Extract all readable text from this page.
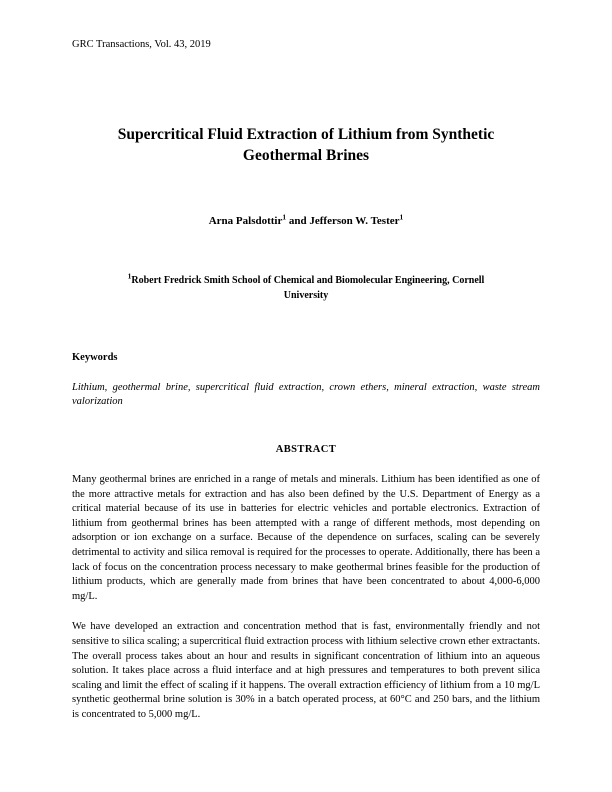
GRC Transactions, Vol. 43, 2019
Supercritical Fluid Extraction of Lithium from Synthetic
Geothermal Brines
Arna Palsdottir$^1$ and Jefferson W. Tester$^1$
$^1$Robert Fredrick Smith School of Chemical and Biomolecular Engineering, Cornell
University
Keywords
Lithium, geothermal brine, supercritical fluid extraction, crown ethers, mineral extraction, waste stream valorization
ABSTRACT
Many geothermal brines are enriched in a range of metals and minerals. Lithium has been identified as one of the more attractive metals for extraction and has also been defined by the U.S. Department of Energy as a critical material because of its use in batteries for electric vehicles and portable electronics. Extraction of lithium from geothermal brines has been attempted with a range of different methods, most depending on adsorption or ion exchange on a surface. Because of the dependence on surfaces, scaling can be severely detrimental to activity and silica removal is required for the processes to operate. Additionally, there has been a lack of focus on the concentration process necessary to make geothermal brines feasible for the production of lithium products, which are generally made from brines that have been concentrated to about 4,000-6,000 mg/L.
We have developed an extraction and concentration method that is fast, environmentally friendly and not sensitive to silica scaling; a supercritical fluid extraction process with lithium selective crown ether extractants. The overall process takes about an hour and results in significant concentration of lithium into an aqueous solution. It takes place across a fluid interface and at high pressures and temperatures to both prevent silica scaling and limit the effect of scaling if it happens. The overall extraction efficiency of lithium from a 10 mg/L synthetic geothermal brine solution is 30% in a batch operated process, at 60°C and 250 bars, and the lithium is concentrated to 5,000 mg/L.
